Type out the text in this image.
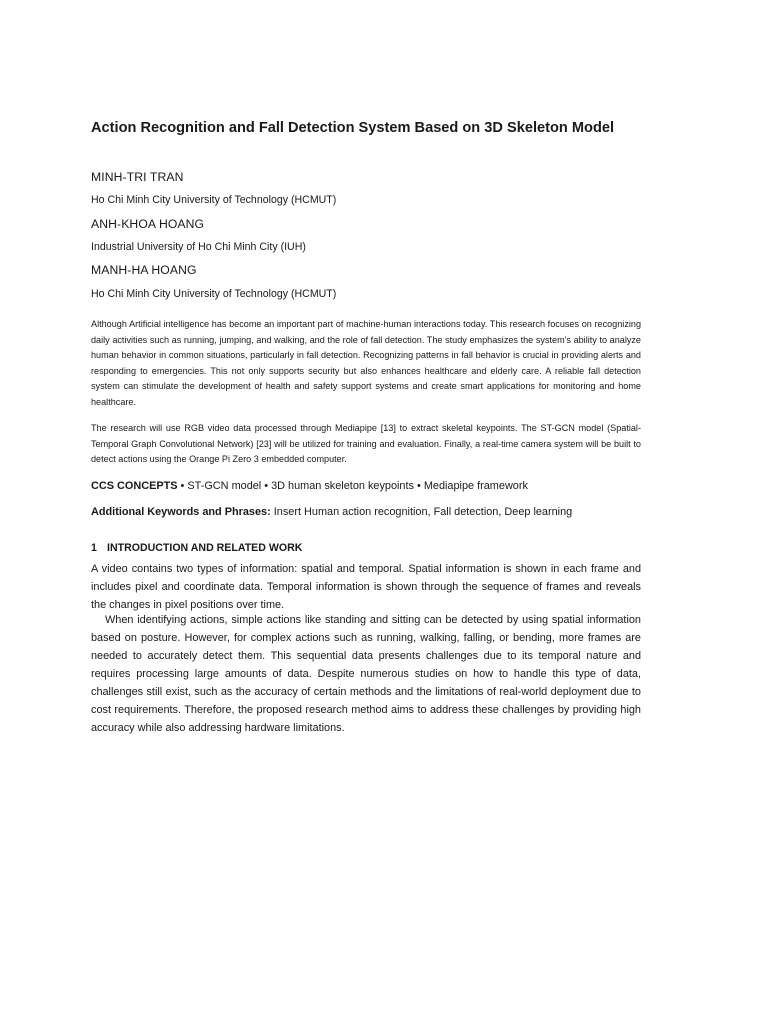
Action Recognition and Fall Detection System Based on 3D Skeleton Model

MINH-TRI TRAN

Ho Chi Minh City University of Technology (HCMUT)

ANH-KHOA HOANG

Industrial University of Ho Chi Minh City (IUH)

MANH-HA HOANG

Ho Chi Minh City University of Technology (HCMUT)

Although Artificial intelligence has become an important part of machine-human interactions today. This research focuses on recognizing daily activities such as running, jumping, and walking, and the role of fall detection. The study emphasizes the system's ability to analyze human behavior in common situations, particularly in fall detection. Recognizing patterns in fall behavior is crucial in providing alerts and responding to emergencies. This not only supports security but also enhances healthcare and elderly care. A reliable fall detection system can stimulate the development of health and safety support systems and create smart applications for monitoring and home healthcare.

The research will use RGB video data processed through Mediapipe [13] to extract skeletal keypoints. The ST-GCN model (Spatial-Temporal Graph Convolutional Network) [23] will be utilized for training and evaluation. Finally, a real-time camera system will be built to detect actions using the Orange Pi Zero 3 embedded computer.

CCS CONCEPTS • ST-GCN model • 3D human skeleton keypoints • Mediapipe framework

Additional Keywords and Phrases: Insert Human action recognition, Fall detection, Deep learning

1 INTRODUCTION AND RELATED WORK

A video contains two types of information: spatial and temporal. Spatial information is shown in each frame and includes pixel and coordinate data. Temporal information is shown through the sequence of frames and reveals the changes in pixel positions over time.

When identifying actions, simple actions like standing and sitting can be detected by using spatial information based on posture. However, for complex actions such as running, walking, falling, or bending, more frames are needed to accurately detect them. This sequential data presents challenges due to its temporal nature and requires processing large amounts of data. Despite numerous studies on how to handle this type of data, challenges still exist, such as the accuracy of certain methods and the limitations of real-world deployment due to cost requirements. Therefore, the proposed research method aims to address these challenges by providing high accuracy while also addressing hardware limitations.
